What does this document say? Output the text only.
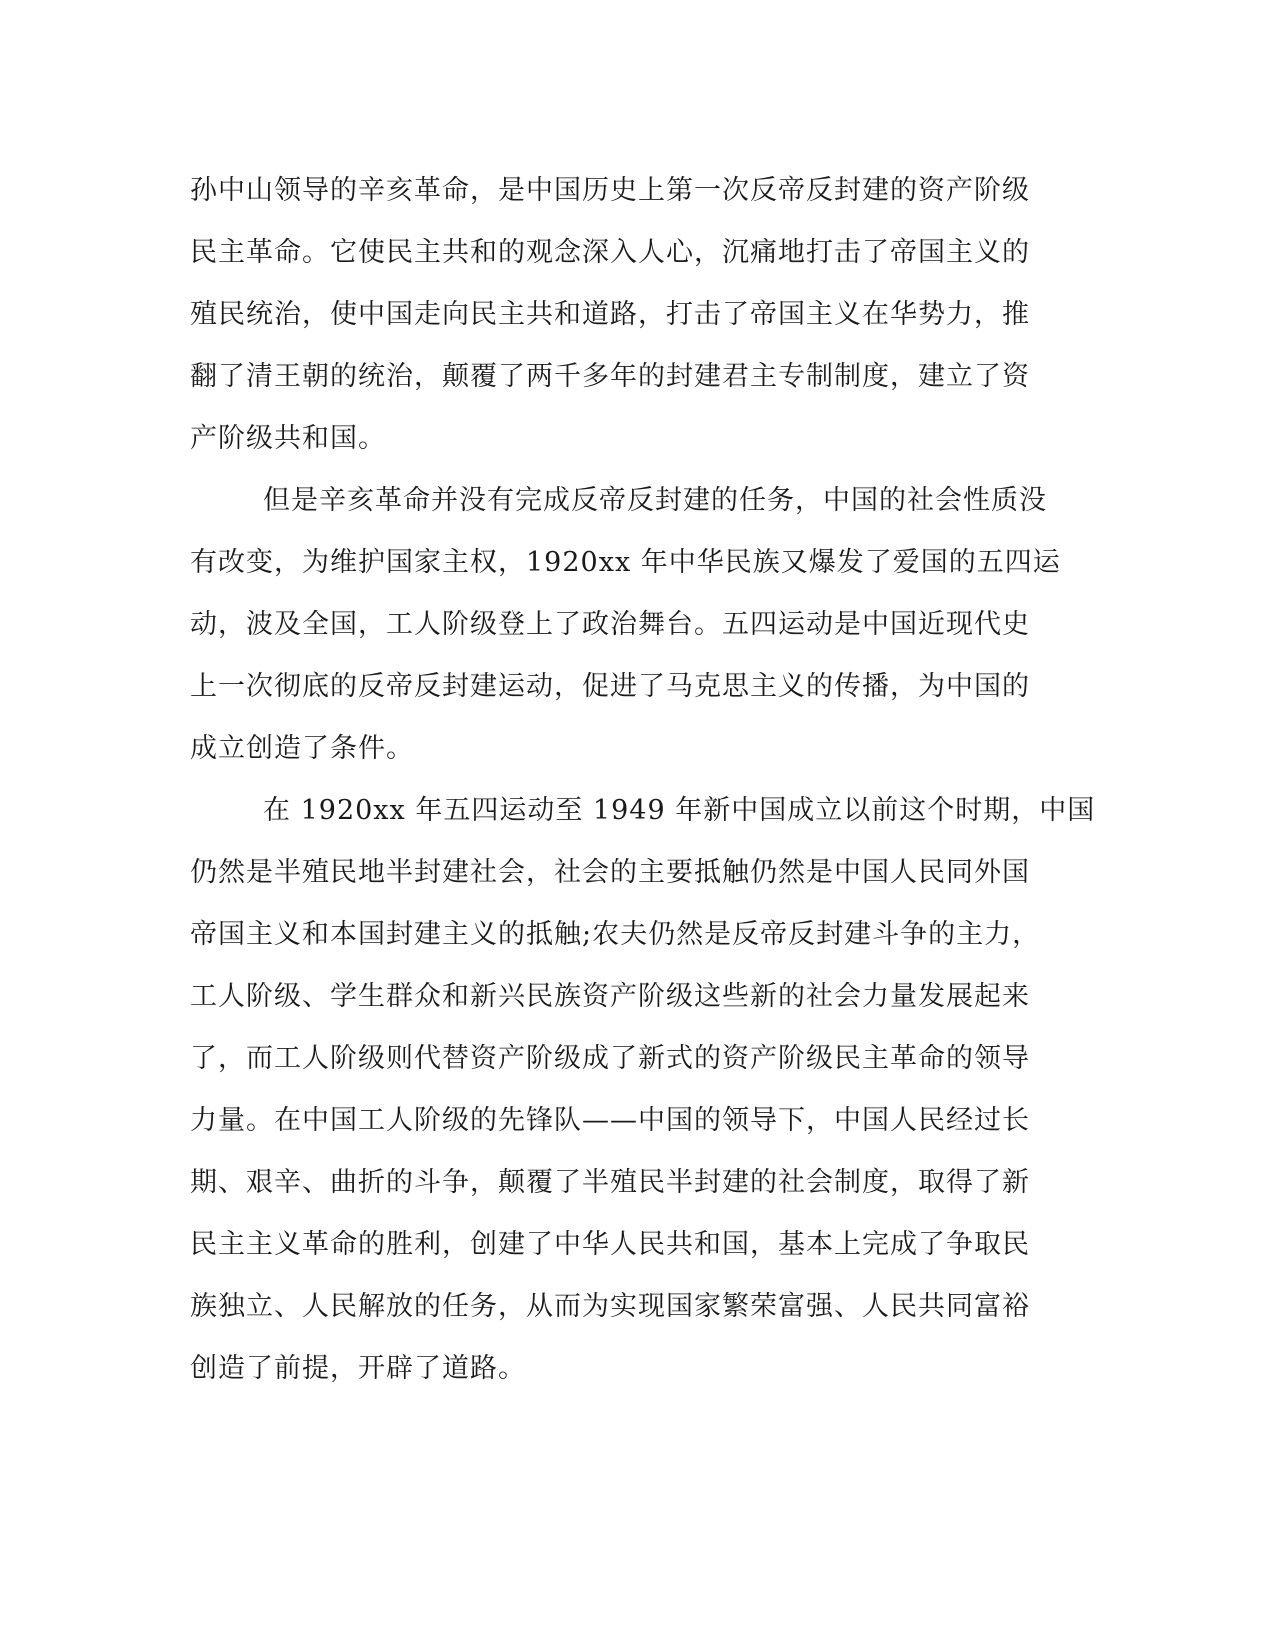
孙中山领导的辛亥革命，是中国历史上第一次反帝反封建的资产阶级
民主革命。它使民主共和的观念深入人心，沉痛地打击了帝国主义的
殖民统治，使中国走向民主共和道路，打击了帝国主义在华势力，推
翻了清王朝的统治，颠覆了两千多年的封建君主专制制度，建立了资
产阶级共和国。

但是辛亥革命并没有完成反帝反封建的任务，中国的社会性质没
有改变，为维护国家主权，1920xx 年中华民族又爆发了爱国的五四运
动，波及全国，工人阶级登上了政治舞台。五四运动是中国近现代史
上一次彻底的反帝反封建运动，促进了马克思主义的传播，为中国的
成立创造了条件。

在 1920xx 年五四运动至 1949 年新中国成立以前这个时期，中国
仍然是半殖民地半封建社会，社会的主要抵触仍然是中国人民同外国
帝国主义和本国封建主义的抵触;农夫仍然是反帝反封建斗争的主力，
工人阶级、学生群众和新兴民族资产阶级这些新的社会力量发展起来
了，而工人阶级则代替资产阶级成了新式的资产阶级民主革命的领导
力量。在中国工人阶级的先锋队——中国的领导下，中国人民经过长
期、艰辛、曲折的斗争，颠覆了半殖民半封建的社会制度，取得了新
民主主义革命的胜利，创建了中华人民共和国，基本上完成了争取民
族独立、人民解放的任务，从而为实现国家繁荣富强、人民共同富裕
创造了前提，开辟了道路。
